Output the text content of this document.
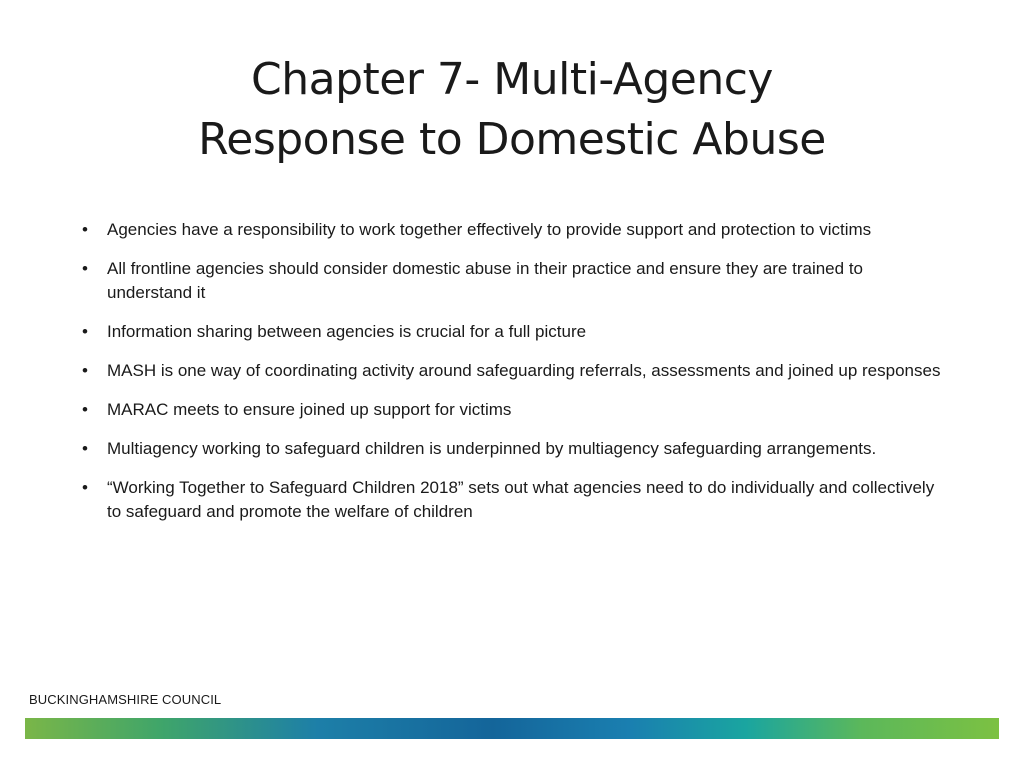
Chapter 7- Multi-Agency
Response to Domestic Abuse
• Agencies have a responsibility to work together effectively to provide support and protection to victims
• All frontline agencies should consider domestic abuse in their practice and ensure they are trained to understand it
• Information sharing between agencies is crucial for a full picture
• MASH is one way of coordinating activity around safeguarding referrals, assessments and joined up responses
• MARAC meets to ensure joined up support for victims
• Multiagency working to safeguard children is underpinned by multiagency safeguarding arrangements.
• “Working Together to Safeguard Children 2018” sets out what agencies need to do individually and collectively to safeguard and promote the welfare of children
BUCKINGHAMSHIRE COUNCIL
